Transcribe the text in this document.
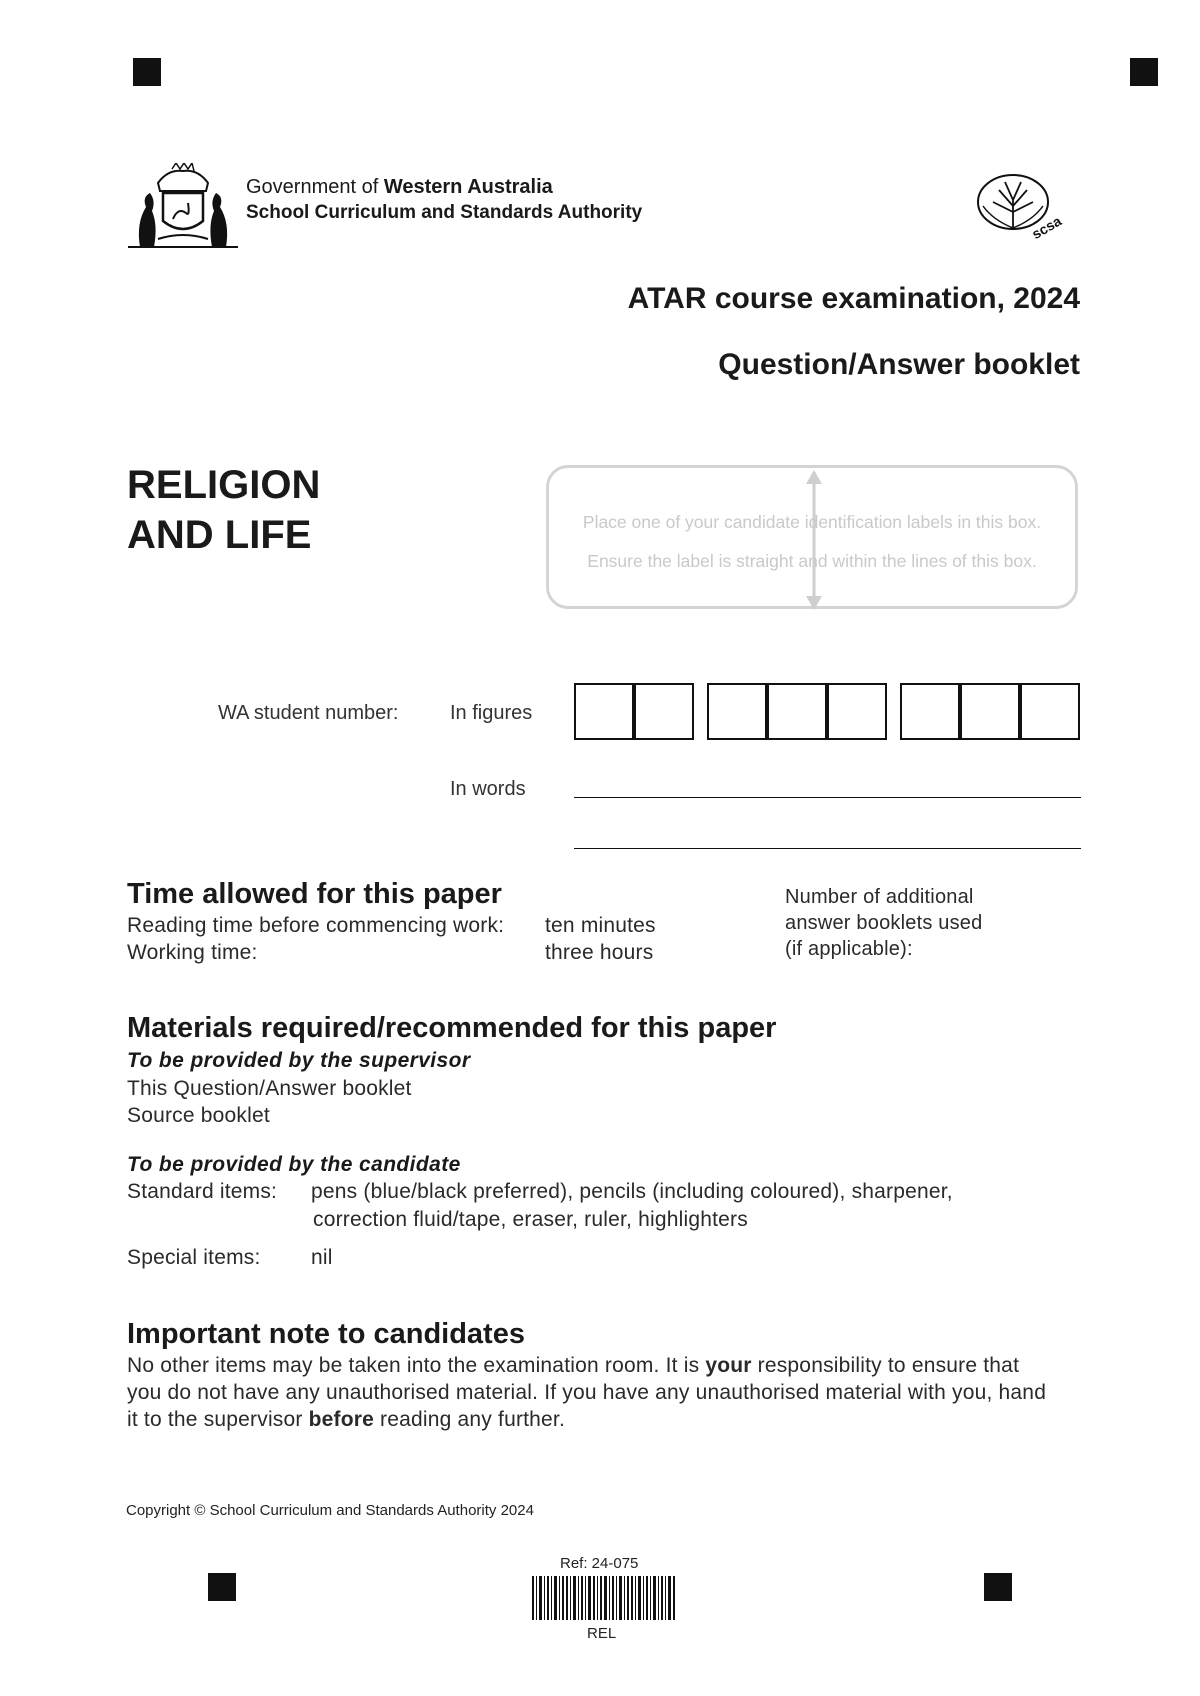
Government of Western Australia
School Curriculum and Standards Authority
scsa
ATAR course examination, 2024
Question/Answer booklet
RELIGION
AND LIFE	Place one of your candidate identification labels in this box.
Ensure the label is straight and within the lines of this box.
WA student number:	In figures
In words
Time allowed for this paper
Reading time before commencing work: ten minutes
Working time:	three hours
Number of additional
answer booklets used
(if applicable):
Materials required/recommended for this paper
To be provided by the supervisor
This Question/Answer booklet
Source booklet
To be provided by the candidate
Standard items: pens (blue/black preferred), pencils (including coloured), sharpener,
correction fluid/tape, eraser, ruler, highlighters
Special items: nil
Important note to candidates
No other items may be taken into the examination room. It is your responsibility to ensure that
you do not have any unauthorised material. If you have any unauthorised material with you, hand
it to the supervisor before reading any further.
Copyright © School Curriculum and Standards Authority 2024
Ref: 24-075
REL
